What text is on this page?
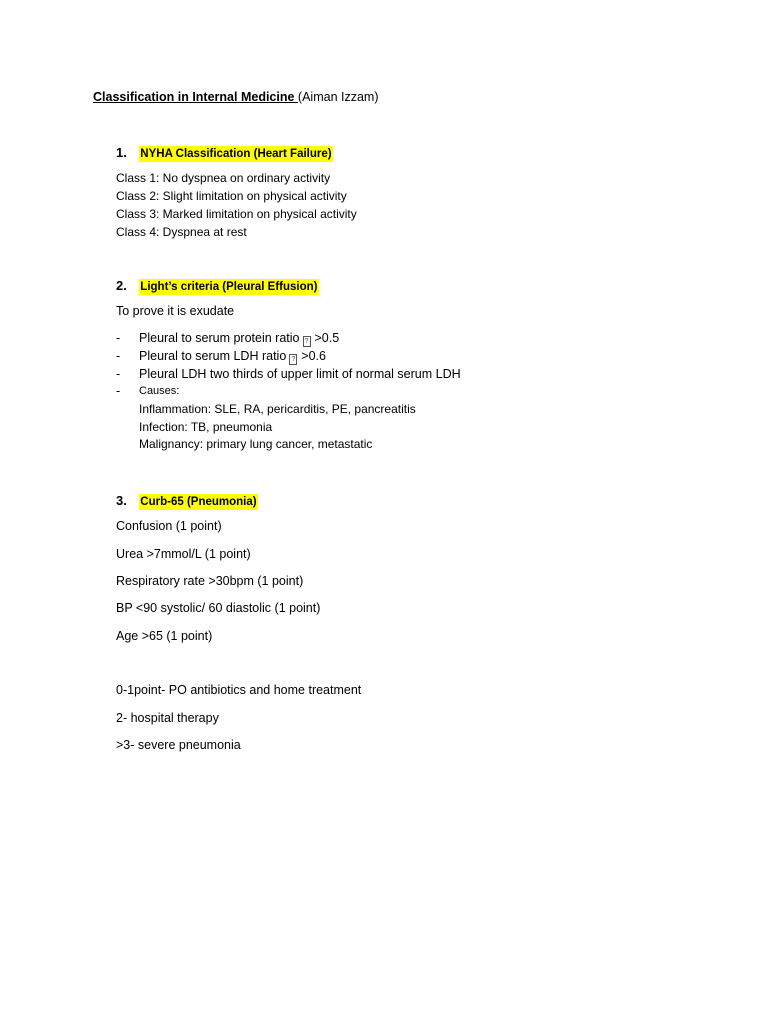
Classification in Internal Medicine (Aiman Izzam)
1. NYHA Classification (Heart Failure)
Class 1: No dyspnea on ordinary activity
Class 2: Slight limitation on physical activity
Class 3: Marked limitation on physical activity
Class 4: Dyspnea at rest
2. Light’s criteria (Pleural Effusion)
To prove it is exudate
- Pleural to serum protein ratio ? >0.5
- Pleural to serum LDH ratio ? >0.6
- Pleural LDH two thirds of upper limit of normal serum LDH
- Causes:
Inflammation: SLE, RA, pericarditis, PE, pancreatitis
Infection: TB, pneumonia
Malignancy: primary lung cancer, metastatic
3. Curb-65 (Pneumonia)
Confusion (1 point)
Urea >7mmol/L (1 point)
Respiratory rate >30bpm (1 point)
BP <90 systolic/ 60 diastolic (1 point)
Age >65 (1 point)
0-1point- PO antibiotics and home treatment
2- hospital therapy
>3- severe pneumonia
